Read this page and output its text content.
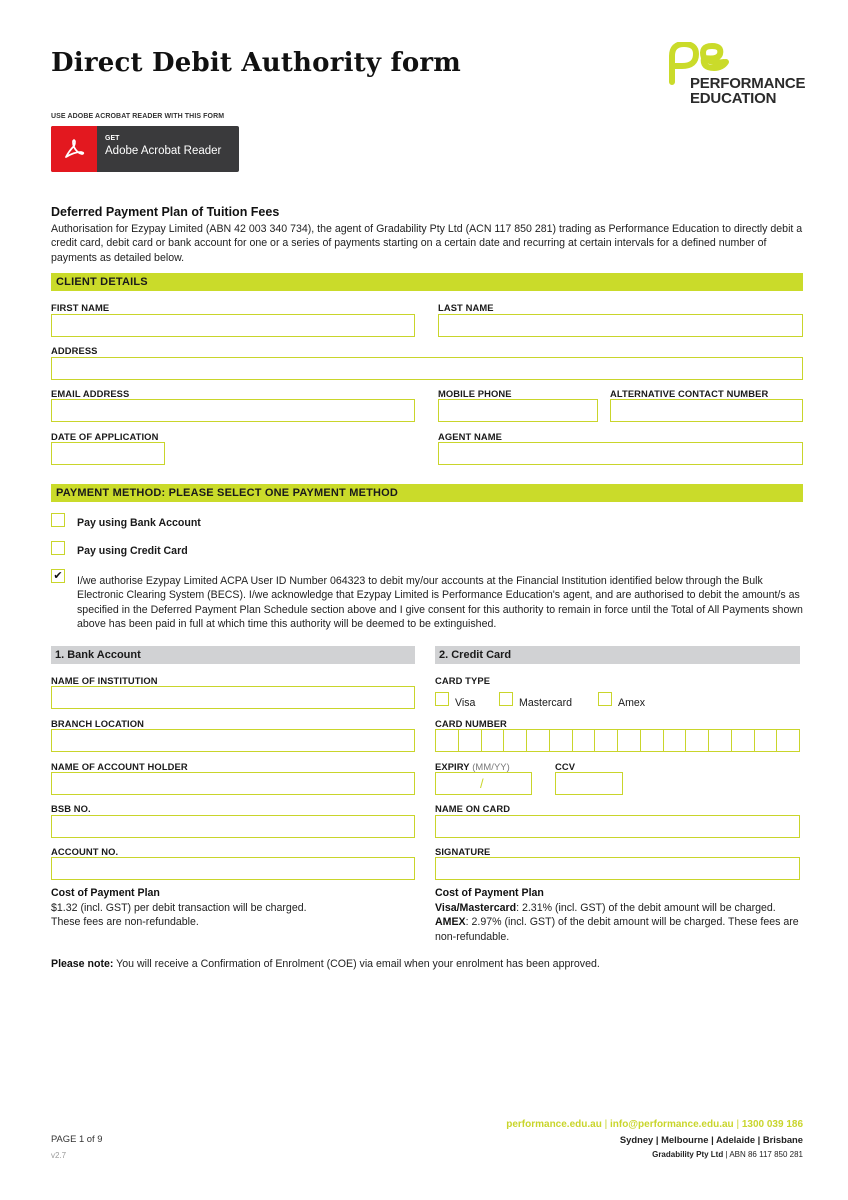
Direct Debit Authority form
PERFORMANCE
EDUCATION
USE ADOBE ACROBAT READER WITH THIS FORM
GET
Adobe Acrobat Reader
Deferred Payment Plan of Tuition Fees
Authorisation for Ezypay Limited (ABN 42 003 340 734), the agent of Gradability Pty Ltd (ACN 117 850 281) trading as Performance Education to directly debit a credit card, debit card or bank account for one or a series of payments starting on a certain date and recurring at certain intervals for a defined number of payments as detailed below.
CLIENT DETAILS
FIRST NAME	LAST NAME
ADDRESS
EMAIL ADDRESS	MOBILE PHONE	ALTERNATIVE CONTACT NUMBER
DATE OF APPLICATION	AGENT NAME
PAYMENT METHOD: PLEASE SELECT ONE PAYMENT METHOD
Pay using Bank Account
Pay using Credit Card
✔ I/we authorise Ezypay Limited ACPA User ID Number 064323 to debit my/our accounts at the Financial Institution identified below through the Bulk Electronic Clearing System (BECS). I/we acknowledge that Ezypay Limited is Performance Education's agent, and are authorised to debit the amount/s as specified in the Deferred Payment Plan Schedule section above and I give consent for this authority to remain in force until the Total of All Payments shown above has been paid in full at which time this authority will be deemed to be extinguished.
1. Bank Account
NAME OF INSTITUTION
BRANCH LOCATION
NAME OF ACCOUNT HOLDER
BSB NO.
ACCOUNT NO.
Cost of Payment Plan
$1.32 (incl. GST) per debit transaction will be charged.
These fees are non-refundable.
2. Credit Card
CARD TYPE
Visa	Mastercard	Amex
CARD NUMBER
EXPIRY (MM/YY)
/
CCV
NAME ON CARD
SIGNATURE
Cost of Payment Plan
Visa/Mastercard: 2.31% (incl. GST) of the debit amount will be charged.
AMEX: 2.97% (incl. GST) of the debit amount will be charged. These fees are non-refundable.
Please note: You will receive a Confirmation of Enrolment (COE) via email when your enrolment has been approved.
PAGE 1 of 9
v2.7
performance.edu.au | info@performance.edu.au | 1300 039 186
Sydney | Melbourne | Adelaide | Brisbane
Gradability Pty Ltd | ABN 86 117 850 281
